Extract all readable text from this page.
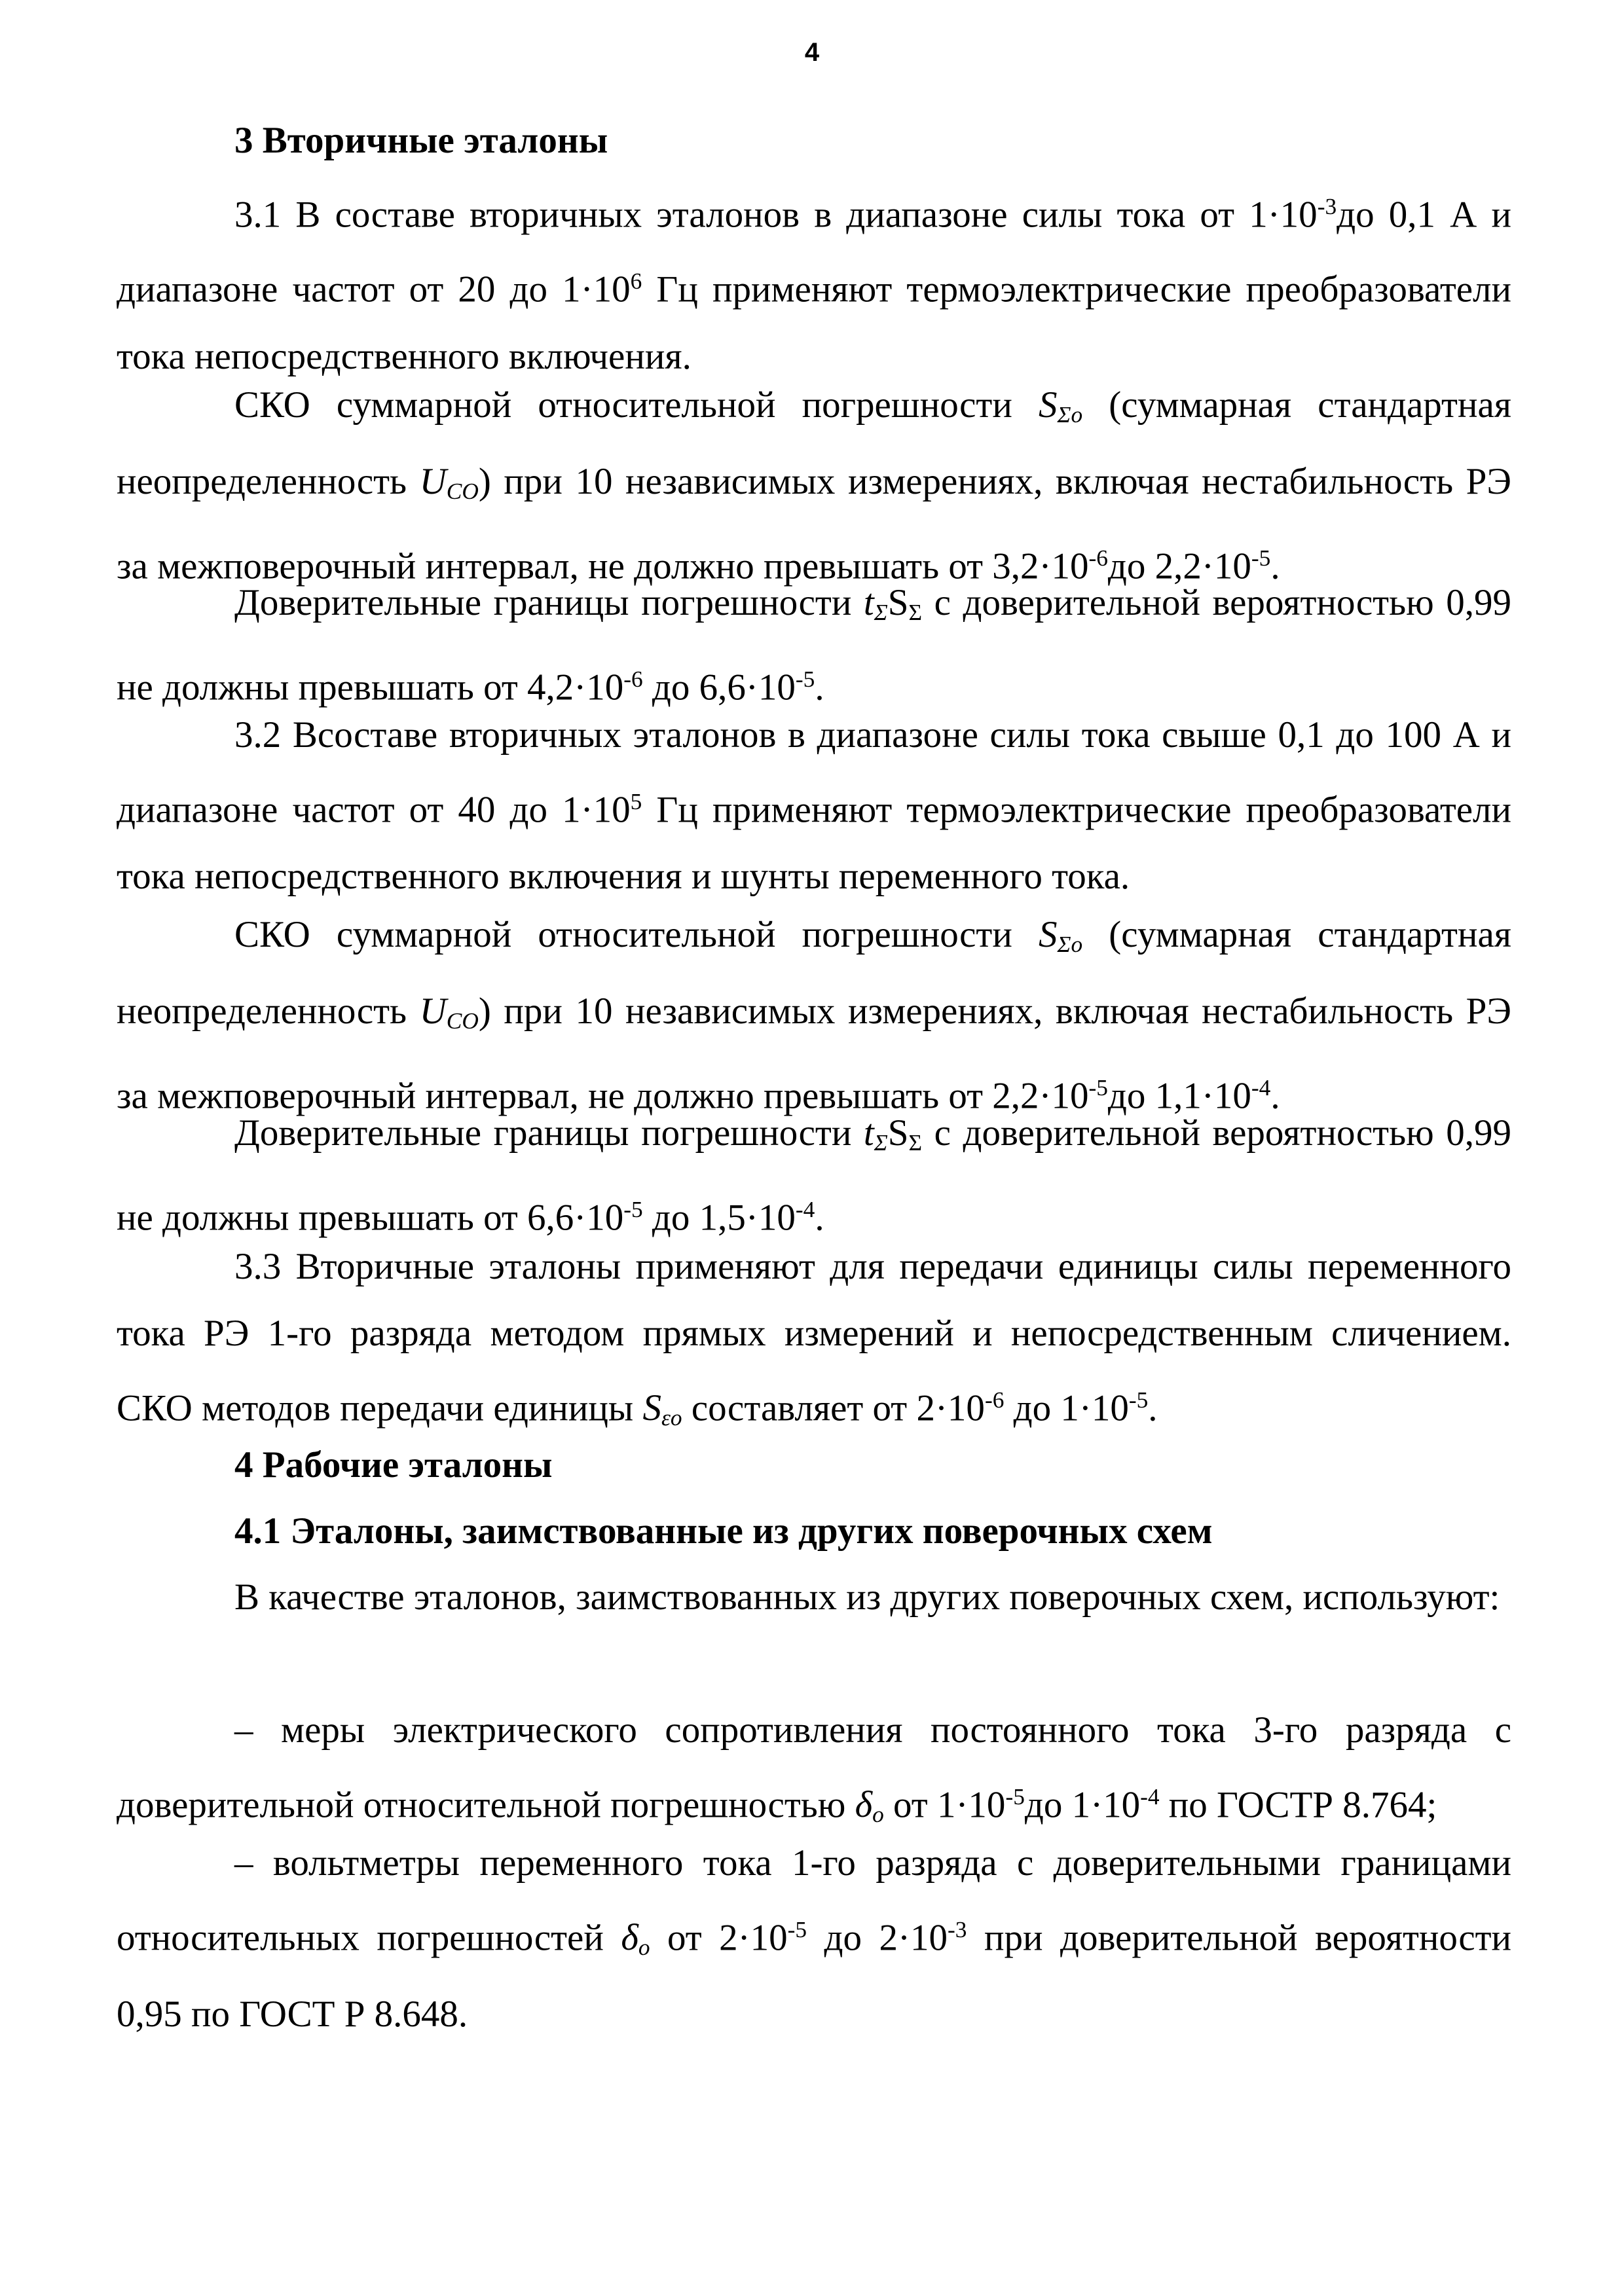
4

3 Вторичные эталоны

3.1 В составе вторичных эталонов в диапазоне силы тока от $1\cdot 10^{-3}до$ 0,1 А и диапазоне частот от 20 до $1\cdot 10^6$ Гц применяют термоэлектрические преобразователи тока непосредственного включения.

СКО суммарной относительной погрешности $S_{\Sigma o}$ (суммарная стандартная неопределенность $U_{CO}$) при 10 независимых измерениях, включая нестабильность РЭ за межповерочный интервал, не должно превышать от $3,2\cdot 10^{-6}до$ $2,2\cdot 10^{-5}$.

Доверительные границы погрешности $t_\Sigma S_\Sigma$ с доверительной вероятностью 0,99 не должны превышать от $4,2\cdot 10^{-6}$ до $6,6\cdot 10^{-5}$.

3.2 Всоставе вторичных эталонов в диапазоне силы тока свыше 0,1 до 100 А и диапазоне частот от 40 до $1\cdot 10^5$ Гц применяют термоэлектрические преобразователи тока непосредственного включения и шунты переменного тока.

СКО суммарной относительной погрешности $S_{\Sigma o}$ (суммарная стандартная неопределенность $U_{CO}$) при 10 независимых измерениях, включая нестабильность РЭ за межповерочный интервал, не должно превышать от $2,2\cdot 10^{-5}до$ $1,1\cdot 10^{-4}$.

Доверительные границы погрешности $t_\Sigma S_\Sigma$ с доверительной вероятностью 0,99 не должны превышать от $6,6\cdot 10^{-5}$ до $1,5\cdot 10^{-4}$.

3.3 Вторичные эталоны применяют для передачи единицы силы переменного тока РЭ 1-го разряда методом прямых измерений и непосредственным сличением. СКО методов передачи единицы $S_{\varepsilon o}$ составляет от $2\cdot 10^{-6}$ до $1\cdot 10^{-5}$.

4 Рабочие эталоны

4.1 Эталоны, заимствованные из других поверочных схем

В качестве эталонов, заимствованных из других поверочных схем, используют:

– меры электрического сопротивления постоянного тока 3-го разряда с доверительной относительной погрешностью $\delta_o$ от $1\cdot 10^{-5}до$ $1\cdot 10^{-4}$ по ГОСТР 8.764;

– вольтметры переменного тока 1-го разряда с доверительными границами относительных погрешностей $\delta_o$ от $2\cdot 10^{-5}$ до $2\cdot 10^{-3}$ при доверительной вероятности 0,95 по ГОСТ Р 8.648.
